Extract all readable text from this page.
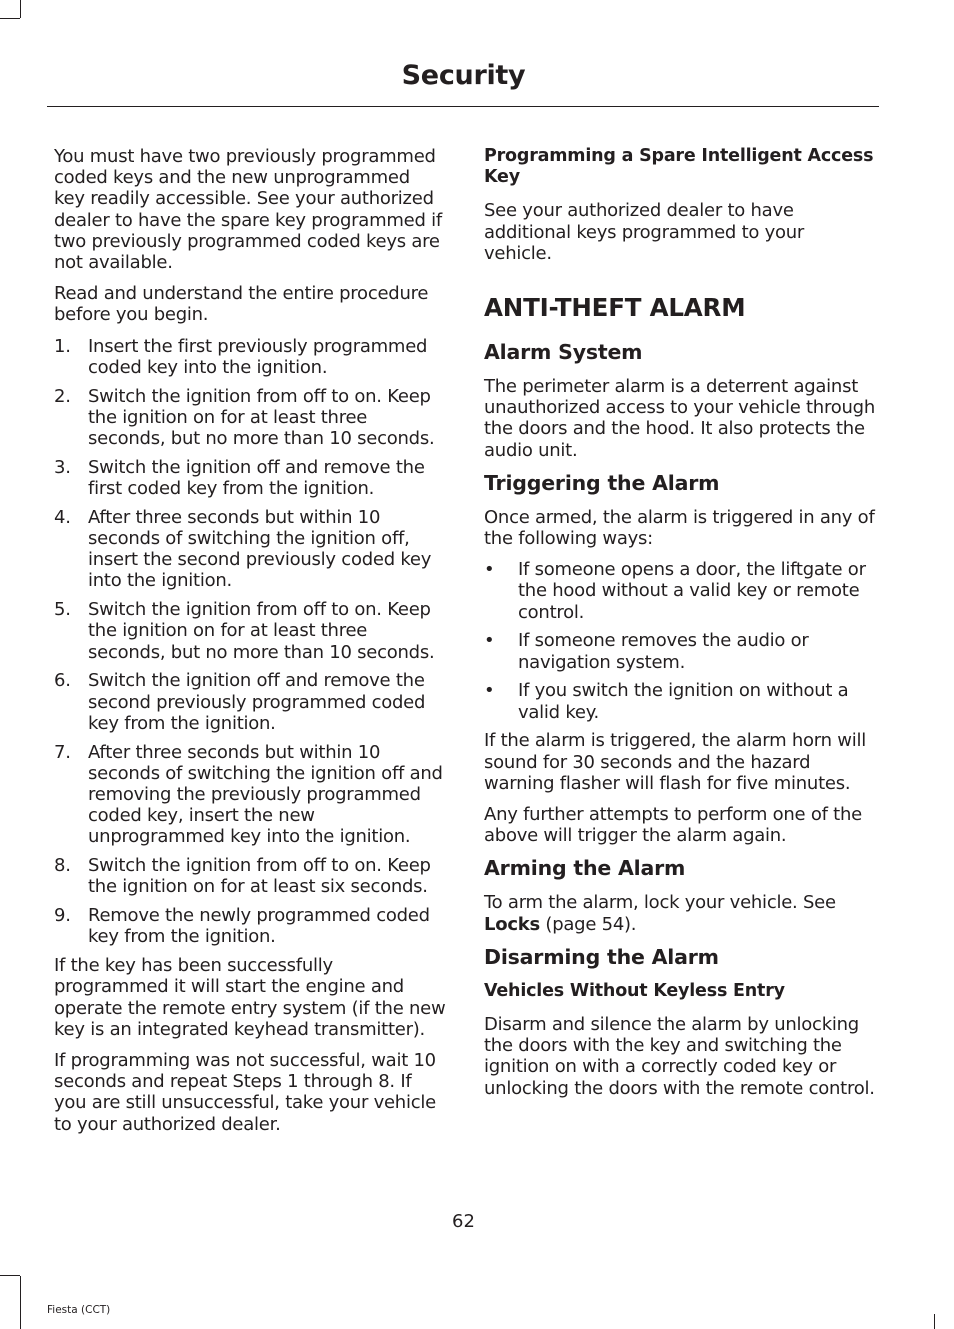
Security

You must have two previously programmed coded keys and the new unprogrammed key readily accessible. See your authorized dealer to have the spare key programmed if two previously programmed coded keys are not available.

Read and understand the entire procedure before you begin.

1. Insert the first previously programmed coded key into the ignition.
2. Switch the ignition from off to on. Keep the ignition on for at least three seconds, but no more than 10 seconds.
3. Switch the ignition off and remove the first coded key from the ignition.
4. After three seconds but within 10 seconds of switching the ignition off, insert the second previously coded key into the ignition.
5. Switch the ignition from off to on. Keep the ignition on for at least three seconds, but no more than 10 seconds.
6. Switch the ignition off and remove the second previously programmed coded key from the ignition.
7. After three seconds but within 10 seconds of switching the ignition off and removing the previously programmed coded key, insert the new unprogrammed key into the ignition.
8. Switch the ignition from off to on. Keep the ignition on for at least six seconds.
9. Remove the newly programmed coded key from the ignition.

If the key has been successfully programmed it will start the engine and operate the remote entry system (if the new key is an integrated keyhead transmitter).

If programming was not successful, wait 10 seconds and repeat Steps 1 through 8. If you are still unsuccessful, take your vehicle to your authorized dealer.

Programming a Spare Intelligent Access Key

See your authorized dealer to have additional keys programmed to your vehicle.

ANTI-THEFT ALARM
Alarm System

The perimeter alarm is a deterrent against unauthorized access to your vehicle through the doors and the hood. It also protects the audio unit.

Triggering the Alarm

Once armed, the alarm is triggered in any of the following ways:

• If someone opens a door, the liftgate or the hood without a valid key or remote control.
• If someone removes the audio or navigation system.
• If you switch the ignition on without a valid key.

If the alarm is triggered, the alarm horn will sound for 30 seconds and the hazard warning flasher will flash for five minutes.

Any further attempts to perform one of the above will trigger the alarm again.

Arming the Alarm

To arm the alarm, lock your vehicle. See Locks (page 54).

Disarming the Alarm
Vehicles Without Keyless Entry

Disarm and silence the alarm by unlocking the doors with the key and switching the ignition on with a correctly coded key or unlocking the doors with the remote control.

62
Fiesta (CCT)
